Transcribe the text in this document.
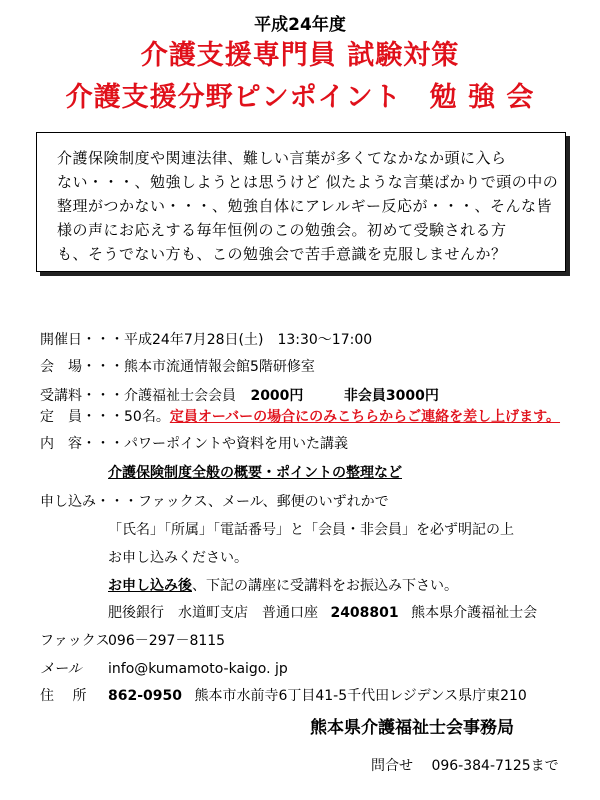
平成24年度
介護支援専門員 試験対策
介護支援分野ピンポイント　勉 強 会
介護保険制度や関連法律、難しい言葉が多くてなかなか頭に入ら
ない・・・、勉強しようとは思うけど 似たような言葉ばかりで頭の中の
整理がつかない・・・、勉強自体にアレルギー反応が・・・、そんな皆
様の声にお応えする毎年恒例のこの勉強会。初めて受験される方
も、そうでない方も、この勉強会で苦手意識を克服しませんか？
開催日・・・平成24年7月28日(土)　13:30～17:00
会　場・・・熊本市流通情報会館5階研修室
受講料・・・介護福祉士会会員 2000円	非会員3000円
定　員・・・50名。定員オーバーの場合にのみこちらからご連絡を差し上げます。
内　容・・・パワーポイントや資料を用いた講義
介護保険制度全般の概要・ポイントの整理など
申し込み・・・ファックス、メール、郵便のいずれかで
「氏名」「所属」「電話番号」と「会員・非会員」を必ず明記の上
お申し込みください。
お申し込み後、下記の講座に受講料をお振込み下さい。
肥後銀行　水道町支店　普通口座 2408801 熊本県介護福祉士会
ファックス096－297－8115
メール info@kumamoto-kaigo. jp
住　 所 862-0950 熊本市水前寺6丁目41-5千代田レジデンス県庁東210
熊本県介護福祉士会事務局
問合せ 096-384-7125まで
